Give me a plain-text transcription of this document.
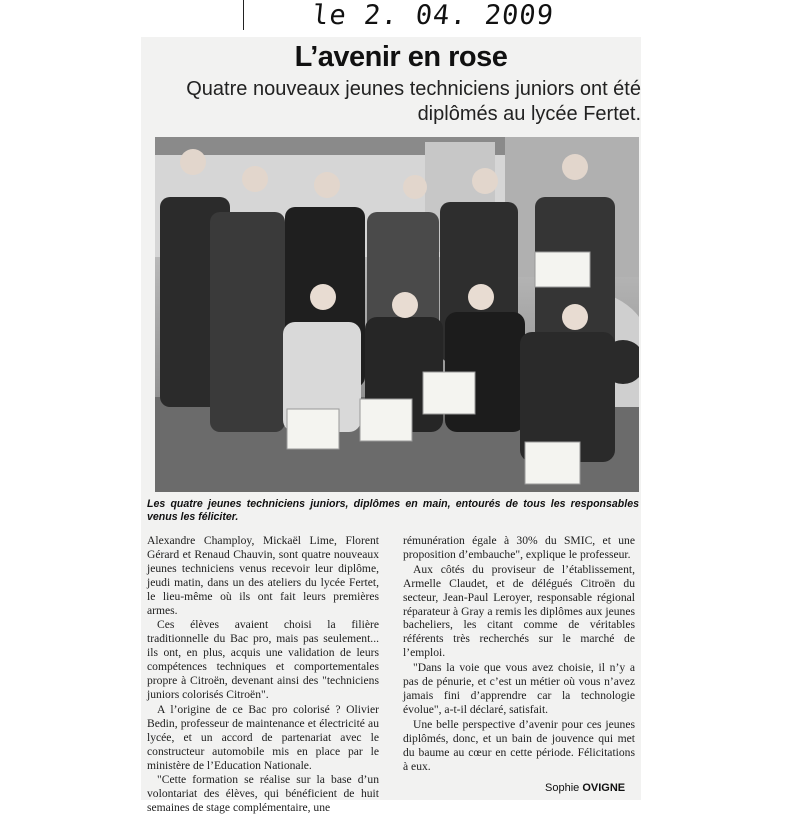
le 2. 04. 2009
L’avenir en rose
Quatre nouveaux jeunes techniciens juniors ont été diplômés au lycée Fertet.
Les quatre jeunes techniciens juniors, diplômes en main, entourés de tous les responsables venus les féliciter.

Alexandre Champloy, Mickaël Lime, Florent Gérard et Renaud Chauvin, sont quatre nouveaux jeunes techniciens venus recevoir leur diplôme, jeudi matin, dans un des ateliers du lycée Fertet, le lieu-même où ils ont fait leurs premières armes.

Ces élèves avaient choisi la filière traditionnelle du Bac pro, mais pas seulement... ils ont, en plus, acquis une validation de leurs compétences techniques et comportementales propre à Citroën, devenant ainsi des "techniciens juniors colorisés Citroën".

A l’origine de ce Bac pro colorisé ? Olivier Bedin, professeur de maintenance et électricité au lycée, et un accord de partenariat avec le constructeur automobile mis en place par le ministère de l’Education Nationale.

"Cette formation se réalise sur la base d’un volontariat des élèves, qui bénéficient de huit semaines de stage complémentaire, une

rémunération égale à 30% du SMIC, et une proposition d’embauche", explique le professeur.

Aux côtés du proviseur de l’établissement, Armelle Claudet, et de délégués Citroën du secteur, Jean-Paul Leroyer, responsable régional réparateur à Gray a remis les diplômes aux jeunes bacheliers, les citant comme de véritables référents très recherchés sur le marché de l’emploi.

"Dans la voie que vous avez choisie, il n’y a pas de pénurie, et c’est un métier où vous n’avez jamais fini d’apprendre car la technologie évolue", a-t-il déclaré, satisfait.

Une belle perspective d’avenir pour ces jeunes diplômés, donc, et un bain de jouvence qui met du baume au cœur en cette période. Félicitations à eux.

Sophie OVIGNE
